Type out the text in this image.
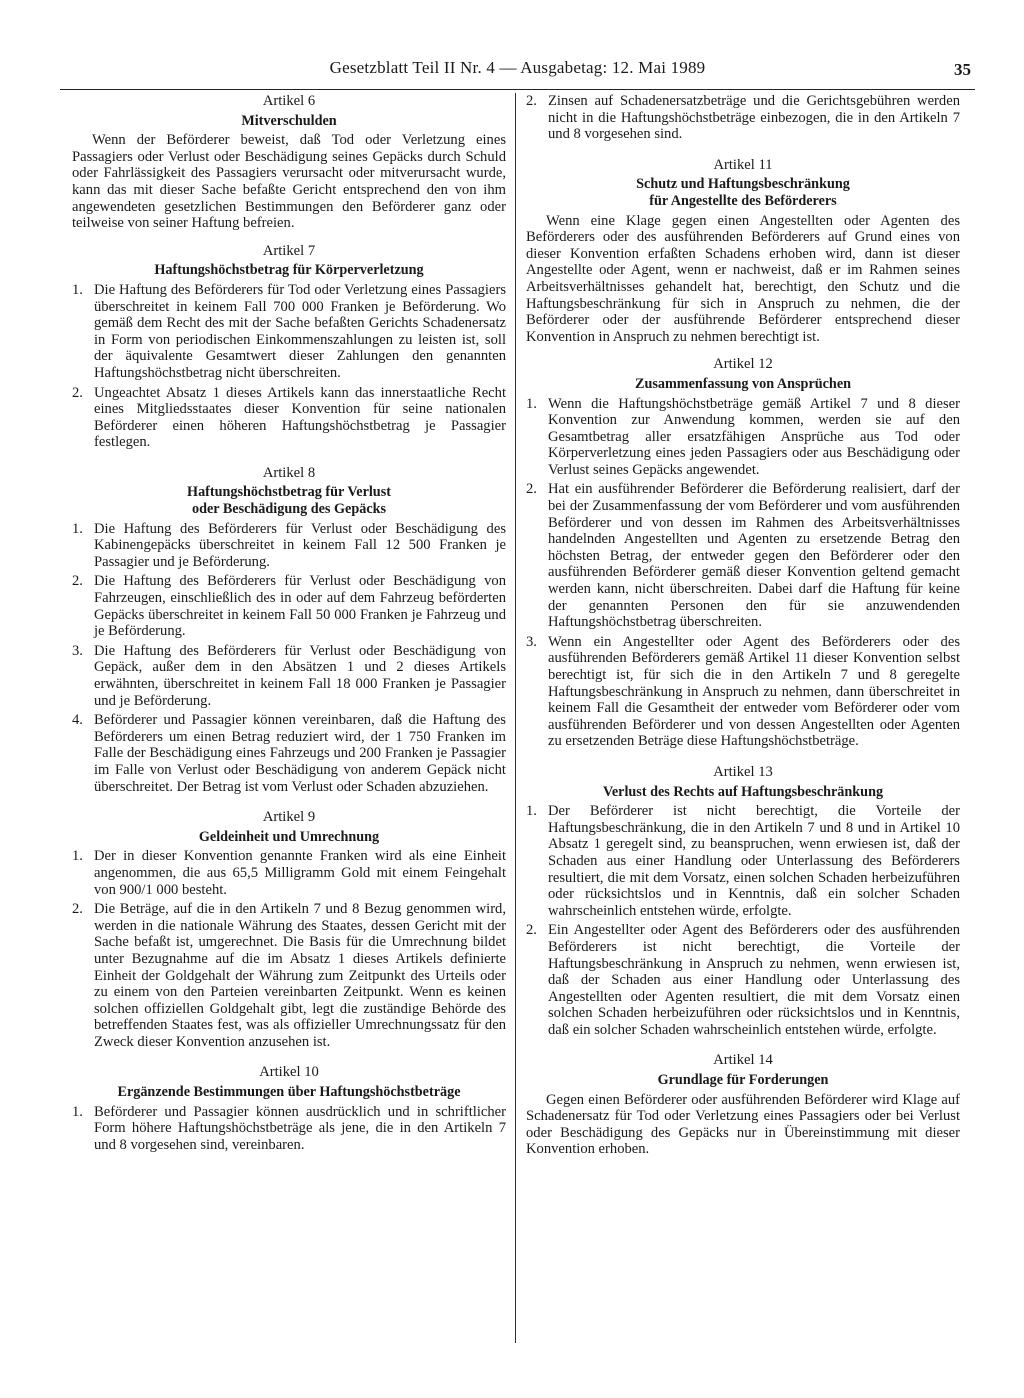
Gesetzblatt Teil II Nr. 4 — Ausgabetag: 12. Mai 1989	35
Artikel 6
Mitverschulden

Wenn der Beförderer beweist, daß Tod oder Verletzung eines Passagiers oder Verlust oder Beschädigung seines Gepäcks durch Schuld oder Fahrlässigkeit des Passagiers verursacht oder mitverursacht wurde, kann das mit dieser Sache befaßte Gericht entsprechend den von ihm angewendeten gesetzlichen Bestimmungen den Beförderer ganz oder teilweise von seiner Haftung befreien.

Artikel 7
Haftungshöchstbetrag für Körperverletzung
1. Die Haftung des Beförderers für Tod oder Verletzung eines Passagiers überschreitet in keinem Fall 700 000 Franken je Beförderung. Wo gemäß dem Recht des mit der Sache befaßten Gerichts Schadenersatz in Form von periodischen Einkommenszahlungen zu leisten ist, soll der äquivalente Gesamtwert dieser Zahlungen den genannten Haftungshöchstbetrag nicht überschreiten.
2. Ungeachtet Absatz 1 dieses Artikels kann das innerstaatliche Recht eines Mitgliedsstaates dieser Konvention für seine nationalen Beförderer einen höheren Haftungshöchstbetrag je Passagier festlegen.
Artikel 8
Haftungshöchstbetrag für Verlust
oder Beschädigung des Gepäcks
1. Die Haftung des Beförderers für Verlust oder Beschädigung des Kabinengepäcks überschreitet in keinem Fall 12 500 Franken je Passagier und je Beförderung.
2. Die Haftung des Beförderers für Verlust oder Beschädigung von Fahrzeugen, einschließlich des in oder auf dem Fahrzeug beförderten Gepäcks überschreitet in keinem Fall 50 000 Franken je Fahrzeug und je Beförderung.
3. Die Haftung des Beförderers für Verlust oder Beschädigung von Gepäck, außer dem in den Absätzen 1 und 2 dieses Artikels erwähnten, überschreitet in keinem Fall 18 000 Franken je Passagier und je Beförderung.
4. Beförderer und Passagier können vereinbaren, daß die Haftung des Beförderers um einen Betrag reduziert wird, der 1 750 Franken im Falle der Beschädigung eines Fahrzeugs und 200 Franken je Passagier im Falle von Verlust oder Beschädigung von anderem Gepäck nicht überschreitet. Der Betrag ist vom Verlust oder Schaden abzuziehen.
Artikel 9
Geldeinheit und Umrechnung
1. Der in dieser Konvention genannte Franken wird als eine Einheit angenommen, die aus 65,5 Milligramm Gold mit einem Feingehalt von 900/1 000 besteht.
2. Die Beträge, auf die in den Artikeln 7 und 8 Bezug genommen wird, werden in die nationale Währung des Staates, dessen Gericht mit der Sache befaßt ist, umgerechnet. Die Basis für die Umrechnung bildet unter Bezugnahme auf die im Absatz 1 dieses Artikels definierte Einheit der Goldgehalt der Währung zum Zeitpunkt des Urteils oder zu einem von den Parteien vereinbarten Zeitpunkt. Wenn es keinen solchen offiziellen Goldgehalt gibt, legt die zuständige Behörde des betreffenden Staates fest, was als offizieller Umrechnungssatz für den Zweck dieser Konvention anzusehen ist.
Artikel 10
Ergänzende Bestimmungen über Haftungshöchstbeträge
1. Beförderer und Passagier können ausdrücklich und in schriftlicher Form höhere Haftungshöchstbeträge als jene, die in den Artikeln 7 und 8 vorgesehen sind, vereinbaren.
2. Zinsen auf Schadenersatzbeträge und die Gerichtsgebühren werden nicht in die Haftungshöchstbeträge einbezogen, die in den Artikeln 7 und 8 vorgesehen sind.
Artikel 11
Schutz und Haftungsbeschränkung
für Angestellte des Beförderers

Wenn eine Klage gegen einen Angestellten oder Agenten des Beförderers oder des ausführenden Beförderers auf Grund eines von dieser Konvention erfaßten Schadens erhoben wird, dann ist dieser Angestellte oder Agent, wenn er nachweist, daß er im Rahmen seines Arbeitsverhältnisses gehandelt hat, berechtigt, den Schutz und die Haftungsbeschränkung für sich in Anspruch zu nehmen, die der Beförderer oder der ausführende Beförderer entsprechend dieser Konvention in Anspruch zu nehmen berechtigt ist.

Artikel 12
Zusammenfassung von Ansprüchen
1. Wenn die Haftungshöchstbeträge gemäß Artikel 7 und 8 dieser Konvention zur Anwendung kommen, werden sie auf den Gesamtbetrag aller ersatzfähigen Ansprüche aus Tod oder Körperverletzung eines jeden Passagiers oder aus Beschädigung oder Verlust seines Gepäcks angewendet.
2. Hat ein ausführender Beförderer die Beförderung realisiert, darf der bei der Zusammenfassung der vom Beförderer und vom ausführenden Beförderer und von dessen im Rahmen des Arbeitsverhältnisses handelnden Angestellten und Agenten zu ersetzende Betrag den höchsten Betrag, der entweder gegen den Beförderer oder den ausführenden Beförderer gemäß dieser Konvention geltend gemacht werden kann, nicht überschreiten. Dabei darf die Haftung für keine der genannten Personen den für sie anzuwendenden Haftungshöchstbetrag überschreiten.
3. Wenn ein Angestellter oder Agent des Beförderers oder des ausführenden Beförderers gemäß Artikel 11 dieser Konvention selbst berechtigt ist, für sich die in den Artikeln 7 und 8 geregelte Haftungsbeschränkung in Anspruch zu nehmen, dann überschreitet in keinem Fall die Gesamtheit der entweder vom Beförderer oder vom ausführenden Beförderer und von dessen Angestellten oder Agenten zu ersetzenden Beträge diese Haftungshöchstbeträge.
Artikel 13
Verlust des Rechts auf Haftungsbeschränkung
1. Der Beförderer ist nicht berechtigt, die Vorteile der Haftungsbeschränkung, die in den Artikeln 7 und 8 und in Artikel 10 Absatz 1 geregelt sind, zu beanspruchen, wenn erwiesen ist, daß der Schaden aus einer Handlung oder Unterlassung des Beförderers resultiert, die mit dem Vorsatz, einen solchen Schaden herbeizuführen oder rücksichtslos und in Kenntnis, daß ein solcher Schaden wahrscheinlich entstehen würde, erfolgte.
2. Ein Angestellter oder Agent des Beförderers oder des ausführenden Beförderers ist nicht berechtigt, die Vorteile der Haftungsbeschränkung in Anspruch zu nehmen, wenn erwiesen ist, daß der Schaden aus einer Handlung oder Unterlassung des Angestellten oder Agenten resultiert, die mit dem Vorsatz einen solchen Schaden herbeizuführen oder rücksichtslos und in Kenntnis, daß ein solcher Schaden wahrscheinlich entstehen würde, erfolgte.
Artikel 14
Grundlage für Forderungen

Gegen einen Beförderer oder ausführenden Beförderer wird Klage auf Schadenersatz für Tod oder Verletzung eines Passagiers oder bei Verlust oder Beschädigung des Gepäcks nur in Übereinstimmung mit dieser Konvention erhoben.
